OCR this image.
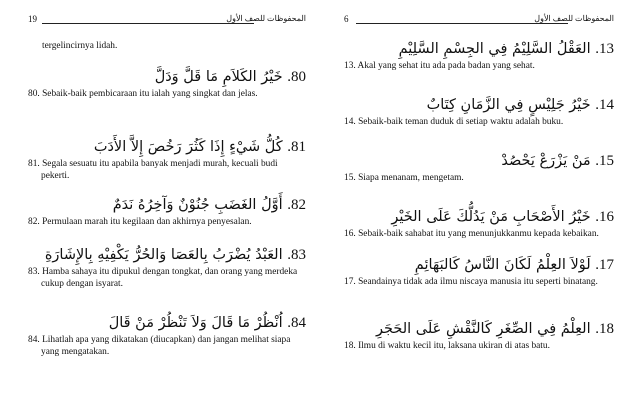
19	المحفوظات للصف الأول
tergelincirnya lidah.
80. خَيْرُ الكَلاَمِ مَا قَلَّ وَدَلَّ
80. Sebaik-baik pembicaraan itu ialah yang singkat dan jelas.
81. كُلُّ شَيْءٍ إِذَا كَثُرَ رَخُصَ إِلاَّ الأَدَبَ
81. Segala sesuatu itu apabila banyak menjadi murah, kecuali budi pekerti.
82. أَوَّلُ الغَضَبِ جُنُوْنٌ وَآخِرُهُ نَدَمٌ
82. Permulaan marah itu kegilaan dan akhirnya penyesalan.
83. العَبْدُ يُضْرَبُ بِالعَصَا وَالحُرُّ يَكْفِيْهِ بِالإِشَارَةِ
83. Hamba sahaya itu dipukul dengan tongkat, dan orang yang merdeka cukup dengan isyarat.
84. اُنْظُرْ مَا قَالَ وَلاَ تَنْظُرْ مَنْ قَالَ
84. Lihatlah apa yang dikatakan (diucapkan) dan jangan melihat siapa yang mengatakan.
6	المحفوظات للصف الأول
13. العَقْلُ السَّلِيْمُ فِي الجِسْمِ السَّلِيْمِ
13. Akal yang sehat itu ada pada badan yang sehat.
14. خَيْرُ جَلِيْسٍ فِي الزَّمَانِ كِتَابٌ
14. Sebaik-baik teman duduk di setiap waktu adalah buku.
15. مَنْ يَزْرَعْ يَحْصُدْ
15. Siapa menanam, mengetam.
16. خَيْرُ الأَصْحَابِ مَنْ يَدُلُّكَ عَلَى الخَيْرِ
16. Sebaik-baik sahabat itu yang menunjukkanmu kepada kebaikan.
17. لَوْلاَ العِلْمُ لَكَانَ النَّاسُ كَالبَهَائِمِ
17. Seandainya tidak ada ilmu niscaya manusia itu seperti binatang.
18. العِلْمُ فِي الصِّغَرِ كَالنَّقْشِ عَلَى الحَجَرِ
18. Ilmu di waktu kecil itu, laksana ukiran di atas batu.
